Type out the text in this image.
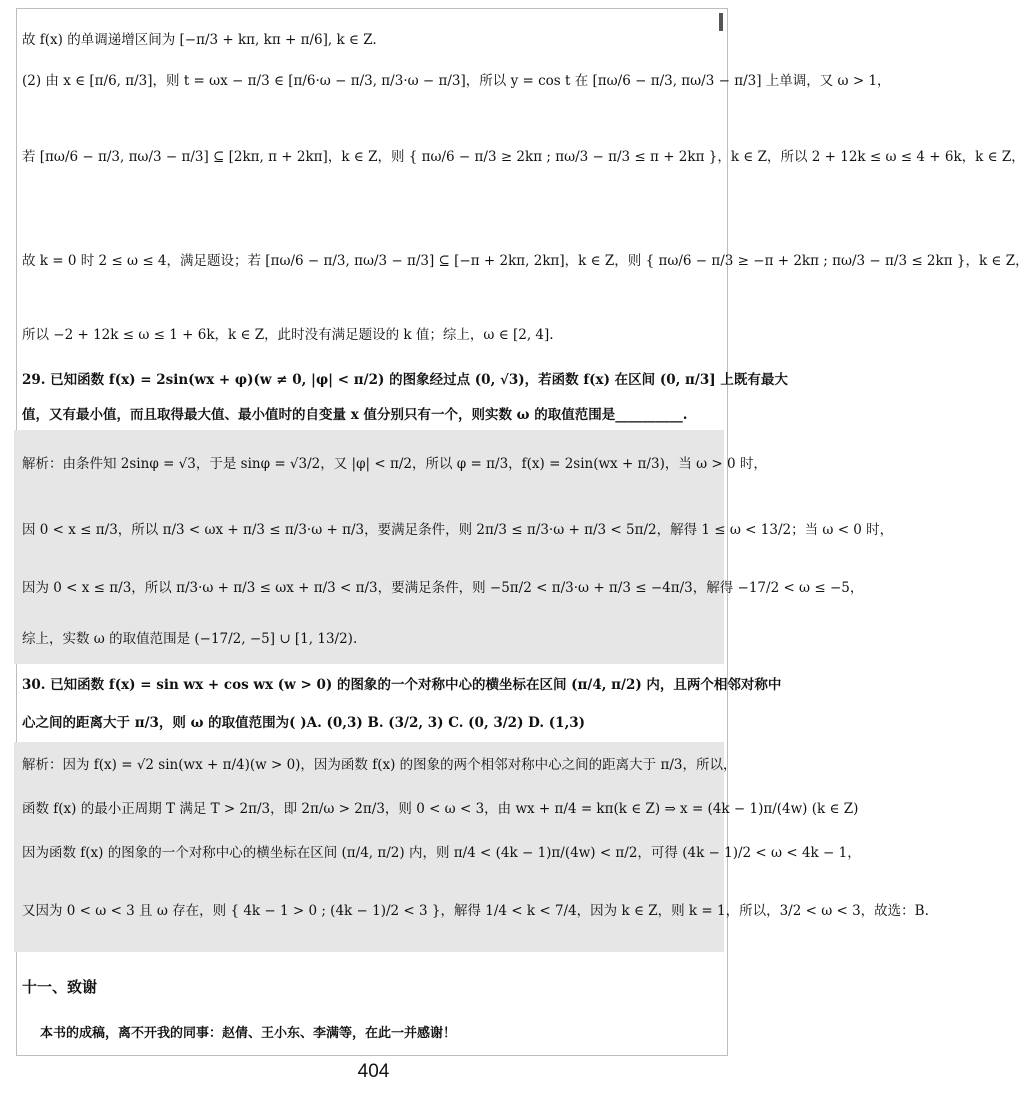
故 f(x) 的单调递增区间为 [−π/3 + kπ, kπ + π/6], k ∈ Z.
(2) 由 x ∈ [π/6, π/3]，则 t = ωx − π/3 ∈ [π/6·ω − π/3, π/3·ω − π/3]，所以 y = cos t 在 [πω/6 − π/3, πω/3 − π/3] 上单调，又 ω > 1，
若 [πω/6 − π/3, πω/3 − π/3] ⊆ [2kπ, π + 2kπ]，k ∈ Z，则 { πω/6 − π/3 ≥ 2kπ ; πω/3 − π/3 ≤ π + 2kπ }，k ∈ Z，所以 2 + 12k ≤ ω ≤ 4 + 6k，k ∈ Z，
故 k = 0 时 2 ≤ ω ≤ 4，满足题设；若 [πω/6 − π/3, πω/3 − π/3] ⊆ [−π + 2kπ, 2kπ]，k ∈ Z，则 { πω/6 − π/3 ≥ −π + 2kπ ; πω/3 − π/3 ≤ 2kπ }，k ∈ Z，
所以 −2 + 12k ≤ ω ≤ 1 + 6k，k ∈ Z，此时没有满足题设的 k 值；综上，ω ∈ [2, 4].
29. 已知函数 f(x) = 2sin(wx + φ)(w ≠ 0, |φ| < π/2) 的图象经过点 (0, √3)，若函数 f(x) 在区间 (0, π/3] 上既有最大
值，又有最小值，而且取得最大值、最小值时的自变量 x 值分别只有一个，则实数 ω 的取值范围是__________.
解析：由条件知 2sinφ = √3，于是 sinφ = √3/2，又 |φ| < π/2，所以 φ = π/3，f(x) = 2sin(wx + π/3)，当 ω > 0 时，
因 0 < x ≤ π/3，所以 π/3 < ωx + π/3 ≤ π/3·ω + π/3，要满足条件，则 2π/3 ≤ π/3·ω + π/3 < 5π/2，解得 1 ≤ ω < 13/2；当 ω < 0 时，
因为 0 < x ≤ π/3，所以 π/3·ω + π/3 ≤ ωx + π/3 < π/3，要满足条件，则 −5π/2 < π/3·ω + π/3 ≤ −4π/3，解得 −17/2 < ω ≤ −5，
综上，实数 ω 的取值范围是 (−17/2, −5] ∪ [1, 13/2).
30. 已知函数 f(x) = sin wx + cos wx (w > 0) 的图象的一个对称中心的横坐标在区间 (π/4, π/2) 内，且两个相邻对称中
心之间的距离大于 π/3，则 ω 的取值范围为( )A. (0,3) B. (3/2, 3) C. (0, 3/2) D. (1,3)
解析：因为 f(x) = √2 sin(wx + π/4)(w > 0)，因为函数 f(x) 的图象的两个相邻对称中心之间的距离大于 π/3，所以，
函数 f(x) 的最小正周期 T 满足 T > 2π/3，即 2π/ω > 2π/3，则 0 < ω < 3，由 wx + π/4 = kπ(k ∈ Z) ⇒ x = (4k − 1)π/(4w) (k ∈ Z)
因为函数 f(x) 的图象的一个对称中心的横坐标在区间 (π/4, π/2) 内，则 π/4 < (4k − 1)π/(4w) < π/2，可得 (4k − 1)/2 < ω < 4k − 1，
又因为 0 < ω < 3 且 ω 存在，则 { 4k − 1 > 0 ; (4k − 1)/2 < 3 }，解得 1/4 < k < 7/4，因为 k ∈ Z，则 k = 1，所以，3/2 < ω < 3，故选：B.
十一、致谢
本书的成稿，离不开我的同事：赵倩、王小东、李满等，在此一并感谢！
404
